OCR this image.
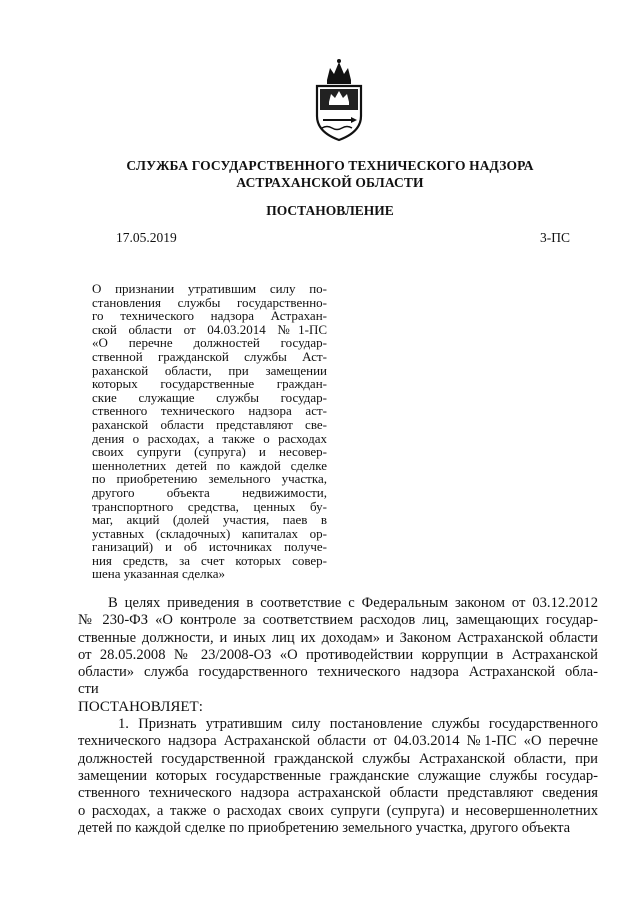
СЛУЖБА ГОСУДАРСТВЕННОГО ТЕХНИЧЕСКОГО НАДЗОРА
АСТРАХАНСКОЙ ОБЛАСТИ
ПОСТАНОВЛЕНИЕ
17.05.2019	3-ПС
О признании утратившим силу по-
становления службы государственно-
го технического надзора Астрахан-
ской области от 04.03.2014 №1-ПС
«О перечне должностей государ-
ственной гражданской службы Аст-
раханской области, при замещении
которых государственные граждан-
ские служащие службы государ-
ственного технического надзора аст-
раханской области представляют све-
дения о расходах, а также о расходах
своих супруги (супруга) и несовер-
шеннолетних детей по каждой сделке
по приобретению земельного участка,
другого объекта недвижимости,
транспортного средства, ценных бу-
маг, акций (долей участия, паев в
уставных (складочных) капиталах ор-
ганизаций) и об источниках получе-
ния средств, за счет которых совер-
шена указанная сделка»
В целях приведения в соответствие с Федеральным законом от 03.12.2012
№ 230-ФЗ «О контроле за соответствием расходов лиц, замещающих государ-
ственные должности, и иных лиц их доходам» и Законом Астраханской области
от 28.05.2008 № 23/2008-ОЗ «О противодействии коррупции в Астраханской
области» служба государственного технического надзора Астраханской обла-
сти
ПОСТАНОВЛЯЕТ:
1. Признать утратившим силу постановление службы государственного
технического надзора Астраханской области от 04.03.2014 №1-ПС «О перечне
должностей государственной гражданской службы Астраханской области, при
замещении которых государственные гражданские служащие службы государ-
ственного технического надзора астраханской области представляют сведения
о расходах, а также о расходах своих супруги (супруга) и несовершеннолетних
детей по каждой сделке по приобретению земельного участка, другого объекта
